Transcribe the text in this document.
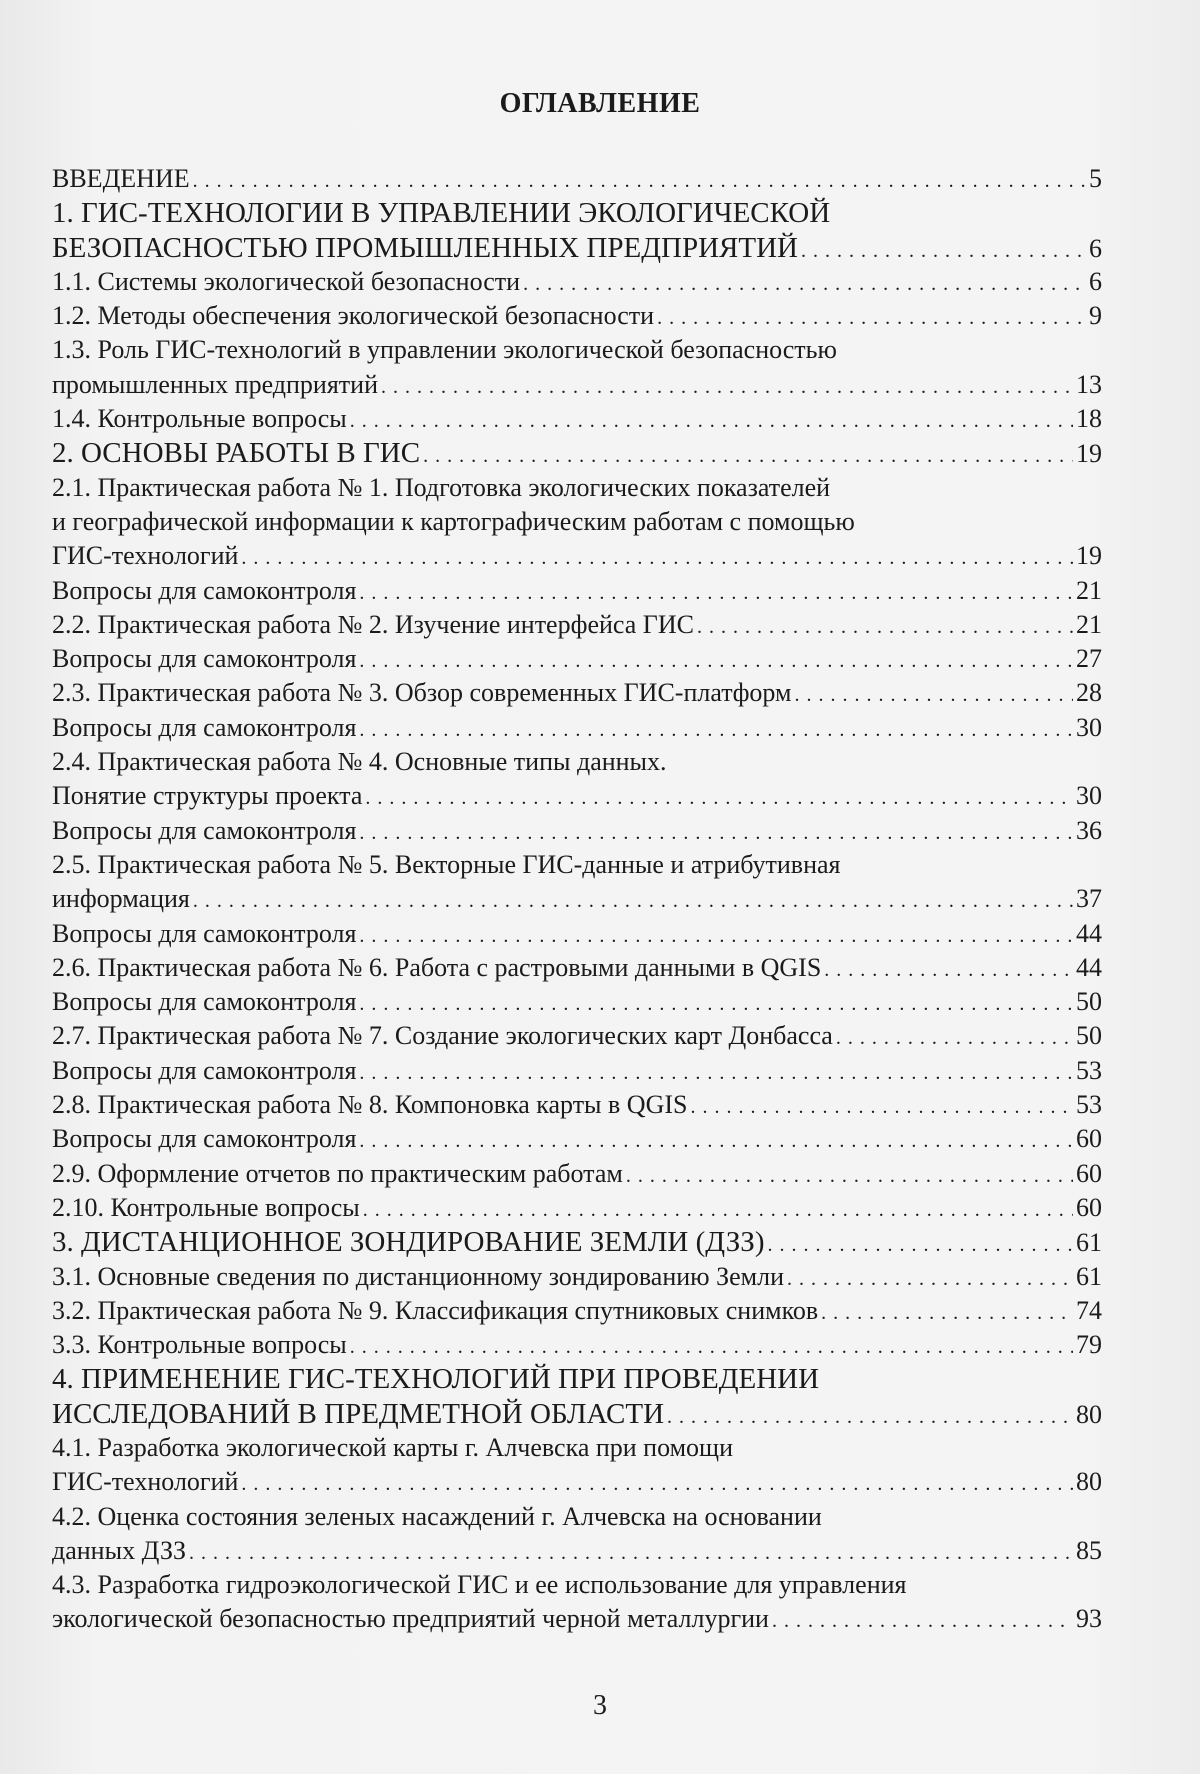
ОГЛАВЛЕНИЕ
ВВЕДЕНИЕ . . .	5
1. ГИС-ТЕХНОЛОГИИ В УПРАВЛЕНИИ ЭКОЛОГИЧЕСКОЙ
БЕЗОПАСНОСТЬЮ ПРОМЫШЛЕННЫХ ПРЕДПРИЯТИЙ . . .	6
1.1. Системы экологической безопасности . . .	6
1.2. Методы обеспечения экологической безопасности . . .	9
1.3. Роль ГИС-технологий в управлении экологической безопасностью
промышленных предприятий . . .	13
1.4. Контрольные вопросы . . .	18
2. ОСНОВЫ РАБОТЫ В ГИС . . .	19
2.1. Практическая работа № 1. Подготовка экологических показателей
и географической информации к картографическим работам с помощью
ГИС-технологий . . .	19
Вопросы для самоконтроля . . .	21
2.2. Практическая работа № 2. Изучение интерфейса ГИС . . .	21
Вопросы для самоконтроля . . .	27
2.3. Практическая работа № 3. Обзор современных ГИС-платформ . . .	28
Вопросы для самоконтроля . . .	30
2.4. Практическая работа № 4. Основные типы данных.
Понятие структуры проекта . . .	30
Вопросы для самоконтроля . . .	36
2.5. Практическая работа № 5. Векторные ГИС-данные и атрибутивная
информация . . .	37
Вопросы для самоконтроля . . .	44
2.6. Практическая работа № 6. Работа с растровыми данными в QGIS . . .	44
Вопросы для самоконтроля . . .	50
2.7. Практическая работа № 7. Создание экологических карт Донбасса . . .	50
Вопросы для самоконтроля . . .	53
2.8. Практическая работа № 8. Компоновка карты в QGIS . . .	53
Вопросы для самоконтроля . . .	60
2.9. Оформление отчетов по практическим работам . . .	60
2.10. Контрольные вопросы . . .	60
3. ДИСТАНЦИОННОЕ ЗОНДИРОВАНИЕ ЗЕМЛИ (ДЗЗ) . . .	61
3.1. Основные сведения по дистанционному зондированию Земли . . .	61
3.2. Практическая работа № 9. Классификация спутниковых снимков . . .	74
3.3. Контрольные вопросы . . .	79
4. ПРИМЕНЕНИЕ ГИС-ТЕХНОЛОГИЙ ПРИ ПРОВЕДЕНИИ
ИССЛЕДОВАНИЙ В ПРЕДМЕТНОЙ ОБЛАСТИ . . .	80
4.1. Разработка экологической карты г. Алчевска при помощи
ГИС-технологий . . .	80
4.2. Оценка состояния зеленых насаждений г. Алчевска на основании
данных ДЗЗ . . .	85
4.3. Разработка гидроэкологической ГИС и ее использование для управления
экологической безопасностью предприятий черной металлургии . . .	93
3
